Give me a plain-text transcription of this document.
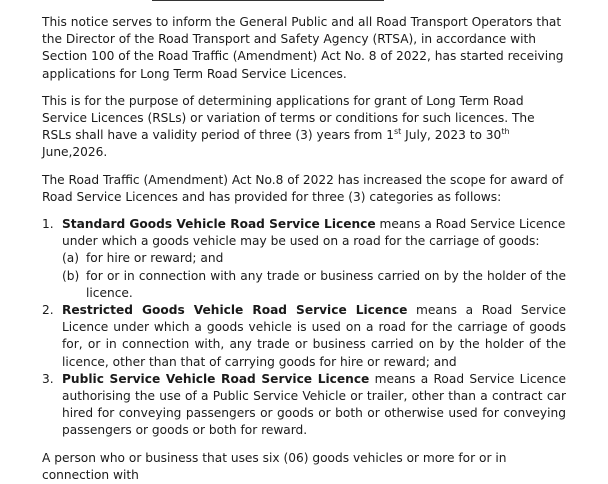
This notice serves to inform the General Public and all Road Transport Operators that the Director of the Road Transport and Safety Agency (RTSA), in accordance with Section 100 of the Road Traffic (Amendment) Act No. 8 of 2022, has started receiving applications for Long Term Road Service Licences.

This is for the purpose of determining applications for grant of Long Term Road Service Licences (RSLs) or variation of terms or conditions for such licences. The RSLs shall have a validity period of three (3) years from 1st July, 2023 to 30th June,2026.

The Road Traffic (Amendment) Act No.8 of 2022 has increased the scope for award of Road Service Licences and has provided for three (3) categories as follows:

1. Standard Goods Vehicle Road Service Licence means a Road Service Licence under which a goods vehicle may be used on a road for the carriage of goods:
(a) for hire or reward; and
(b) for or in connection with any trade or business carried on by the holder of the licence.
2. Restricted Goods Vehicle Road Service Licence means a Road Service Licence under which a goods vehicle is used on a road for the carriage of goods for, or in connection with, any trade or business carried on by the holder of the licence, other than that of carrying goods for hire or reward; and
3. Public Service Vehicle Road Service Licence means a Road Service Licence authorising the use of a Public Service Vehicle or trailer, other than a contract car hired for conveying passengers or goods or both or otherwise used for conveying passengers or goods or both for reward.

A person who or business that uses six (06) goods vehicles or more for or in connection with
